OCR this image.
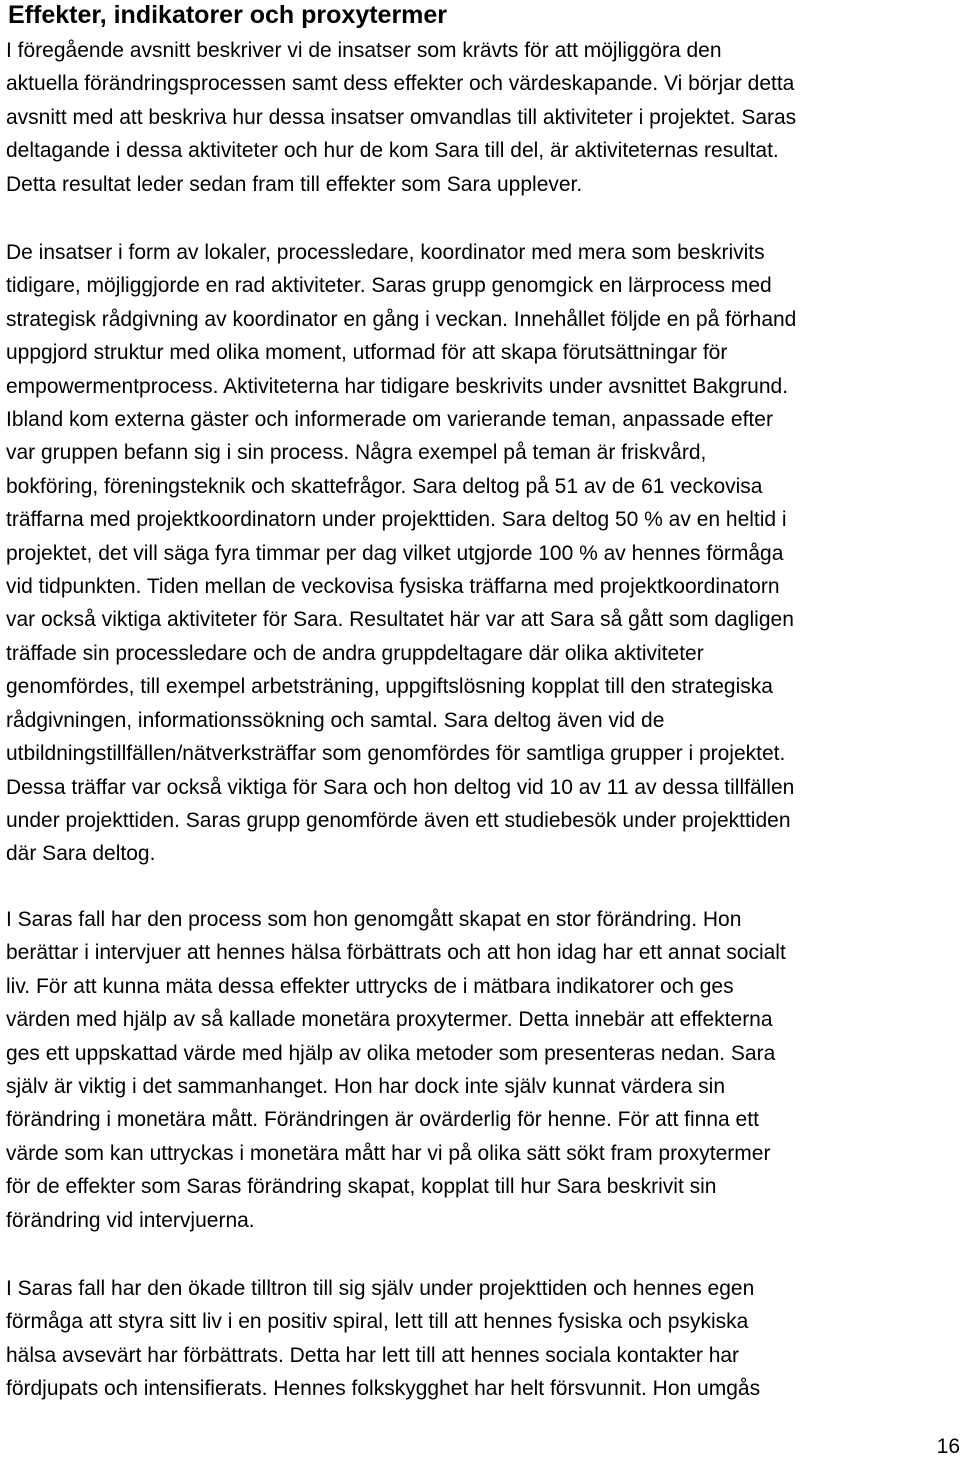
Effekter, indikatorer och proxytermer
I föregående avsnitt beskriver vi de insatser som krävts för att möjliggöra den
aktuella förändringsprocessen samt dess effekter och värdeskapande. Vi börjar detta
avsnitt med att beskriva hur dessa insatser omvandlas till aktiviteter i projektet. Saras
deltagande i dessa aktiviteter och hur de kom Sara till del, är aktiviteternas resultat.
Detta resultat leder sedan fram till effekter som Sara upplever.
De insatser i form av lokaler, processledare, koordinator med mera som beskrivits
tidigare, möjliggjorde en rad aktiviteter. Saras grupp genomgick en lärprocess med
strategisk rådgivning av koordinator en gång i veckan. Innehållet följde en på förhand
uppgjord struktur med olika moment, utformad för att skapa förutsättningar för
empowermentprocess. Aktiviteterna har tidigare beskrivits under avsnittet Bakgrund.
Ibland kom externa gäster och informerade om varierande teman, anpassade efter
var gruppen befann sig i sin process. Några exempel på teman är friskvård,
bokföring, föreningsteknik och skattefrågor. Sara deltog på 51 av de 61 veckovisa
träffarna med projektkoordinatorn under projekttiden. Sara deltog 50 % av en heltid i
projektet, det vill säga fyra timmar per dag vilket utgjorde 100 % av hennes förmåga
vid tidpunkten. Tiden mellan de veckovisa fysiska träffarna med projektkoordinatorn
var också viktiga aktiviteter för Sara. Resultatet här var att Sara så gått som dagligen
träffade sin processledare och de andra gruppdeltagare där olika aktiviteter
genomfördes, till exempel arbetsträning, uppgiftslösning kopplat till den strategiska
rådgivningen, informationssökning och samtal. Sara deltog även vid de
utbildningstillfällen/nätverksträffar som genomfördes för samtliga grupper i projektet.
Dessa träffar var också viktiga för Sara och hon deltog vid 10 av 11 av dessa tillfällen
under projekttiden. Saras grupp genomförde även ett studiebesök under projekttiden
där Sara deltog.
I Saras fall har den process som hon genomgått skapat en stor förändring. Hon
berättar i intervjuer att hennes hälsa förbättrats och att hon idag har ett annat socialt
liv. För att kunna mäta dessa effekter uttrycks de i mätbara indikatorer och ges
värden med hjälp av så kallade monetära proxytermer. Detta innebär att effekterna
ges ett uppskattad värde med hjälp av olika metoder som presenteras nedan. Sara
själv är viktig i det sammanhanget. Hon har dock inte själv kunnat värdera sin
förändring i monetära mått. Förändringen är ovärderlig för henne. För att finna ett
värde som kan uttryckas i monetära mått har vi på olika sätt sökt fram proxytermer
för de effekter som Saras förändring skapat, kopplat till hur Sara beskrivit sin
förändring vid intervjuerna.
I Saras fall har den ökade tilltron till sig själv under projekttiden och hennes egen
förmåga att styra sitt liv i en positiv spiral, lett till att hennes fysiska och psykiska
hälsa avsevärt har förbättrats. Detta har lett till att hennes sociala kontakter har
fördjupats och intensifierats. Hennes folkskygghet har helt försvunnit. Hon umgås
16
